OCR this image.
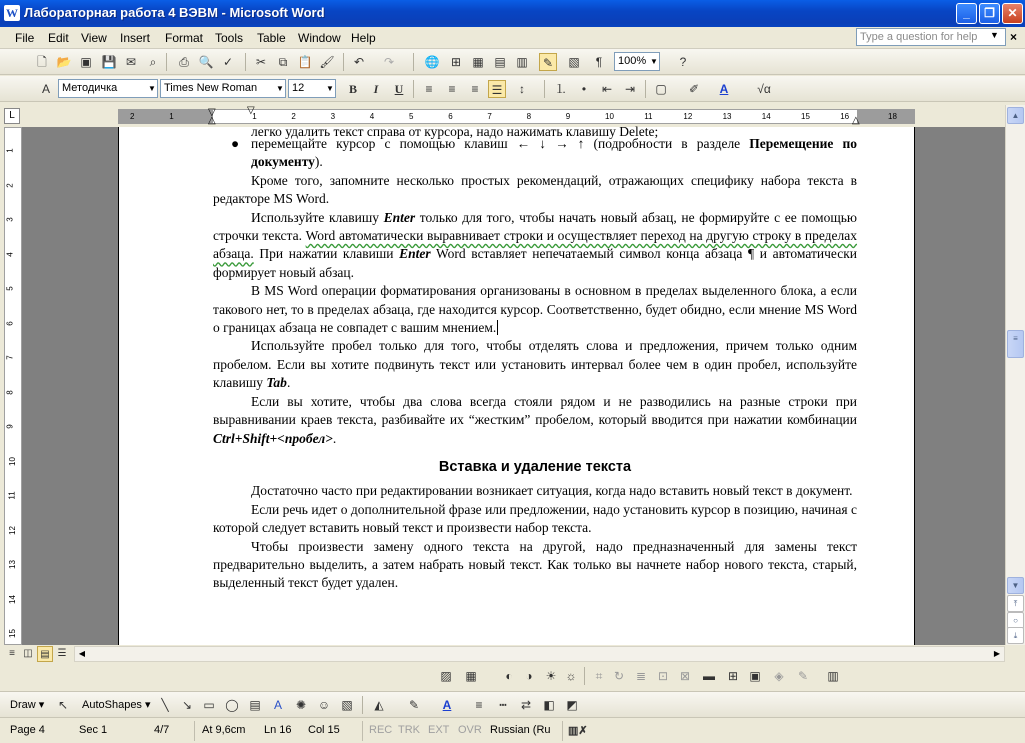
W Лабораторная работа 4 ВЭВМ - Microsoft Word	_	❐	✕
File Edit View Insert Format Tools Table Window Help	Type a question for help	▼ ×
🗋 📂 ▣ 💾 ✉	⌕	⎙ 🔍 ✓	✂	⧉ 📋 🖌	↶	↷	🌐 ⊞ ▦ ▤ ▥	✎	▧	¶	100% ▼	?
A	Методичка	▼ Times New Roman	▼ 12	▼	B	I	U	≡	≡	≡	☰	↕	⒈	•	⇤	⇥	▢	✐	A	√α
L	2	1	1	2	3	4	5	6	7	8	9	10	11	12	13	14	15	16	18
▽	▽
△	△
1
2
3
4
5
6
7
8
9
10
11
12
13
14
15
легко удалить текст справа от курсора, надо нажимать клавишу Delete;
● перемещайте курсор с помощью клавиш ← ↓ → ↑ (подробности в разделе Перемещение по документу).
Кроме того, запомните несколько простых рекомендаций, отражающих специфику набора текста в редакторе MS Word.
Используйте клавишу Enter только для того, чтобы начать новый абзац, не формируйте с ее помощью строчки текста. Word автоматически выравнивает строки и осуществляет переход на другую строку в пределах абзаца. При нажатии клавиши Enter Word вставляет непечатаемый символ конца абзаца ¶ и автоматически формирует новый абзац.
В MS Word операции форматирования организованы в основном в пределах выделенного блока, а если такового нет, то в пределах абзаца, где находится курсор. Соответственно, будет обидно, если мнение MS Word о границах абзаца не совпадет с вашим мнением.
Используйте пробел только для того, чтобы отделять слова и предложения, причем только одним пробелом. Если вы хотите подвинуть текст или установить интервал более чем в один пробел, используйте клавишу Tab.
Если вы хотите, чтобы два слова всегда стояли рядом и не разводились на разные строки при выравнивании краев текста, разбивайте их “жестким” пробелом, который вводится при нажатии комбинации Ctrl+Shift+<пробел>.
Вставка и удаление текста
Достаточно часто при редактировании возникает ситуация, когда надо вставить новый текст в документ.
Если речь идет о дополнительной фразе или предложении, надо установить курсор в позицию, начиная с которой следует вставить новый текст и произвести набор текста.
Чтобы произвести замену одного текста на другой, надо предназначенный для замены текст предварительно выделить, а затем набрать новый текст. Как только вы начнете набор нового текста, старый, выделенный текст будет удален.
▲
≡
▼
⤒
○
⤓
≡ ◫ ▤ ☰	◀	▶
▨ ▦	◐	◑	☀ ☼	⌗ ↻ ≣ ⊡ ⊠	▬	⊞ ▣	◈	✎	▥
Draw ▾	↖	AutoShapes ▾ ╲	↘ ▭ ◯ ▤	A	✺ ☺ ▧	◭	✎	A	≡	┅	⇄	◧ ◩
Page 4	Sec 1	4/7	At 9,6cm Ln 16 Col 15	REC TRK EXT OVR Russian (Ru ▥✗
